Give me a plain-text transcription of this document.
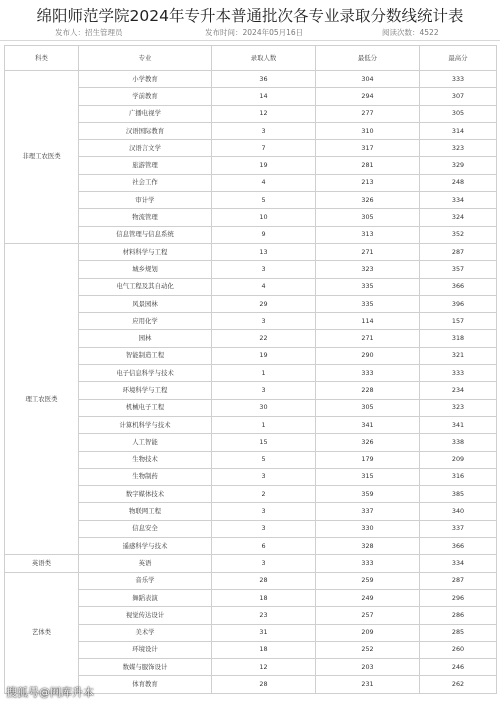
绵阳师范学院2024年专升本普通批次各专业录取分数线统计表
发布人：招生管理员	发布时间：2024年05月16日	阅读次数：4522
科类	专业	录取人数	最低分	最高分
非理工农医类	小学教育	36	304	333
	学前教育	14	294	307
	广播电视学	12	277	305
	汉语国际教育	3	310	314
	汉语言文学	7	317	323
	旅游管理	19	281	329
	社会工作	4	213	248
	审计学	5	326	334
	物流管理	10	305	324
	信息管理与信息系统	9	313	352
理工农医类	材料科学与工程	13	271	287
	城乡规划	3	323	357
	电气工程及其自动化	4	335	366
	风景园林	29	335	396
	应用化学	3	114	157
	园林	22	271	318
	智能制造工程	19	290	321
	电子信息科学与技术	1	333	333
	环境科学与工程	3	228	234
	机械电子工程	30	305	323
	计算机科学与技术	1	341	341
	人工智能	15	326	338
	生物技术	5	179	209
	生物制药	3	315	316
	数字媒体技术	2	359	385
	物联网工程	3	337	340
	信息安全	3	330	337
	遥感科学与技术	6	328	366
英语类	英语	3	333	334
艺体类	音乐学	28	259	287
	舞蹈表演	18	249	296
	视觉传达设计	23	257	286
	美术学	31	209	285
	环境设计	18	252	260
	数媒与服饰设计	12	203	246
	体育教育	28	231	262
搜狐号@网库升本
